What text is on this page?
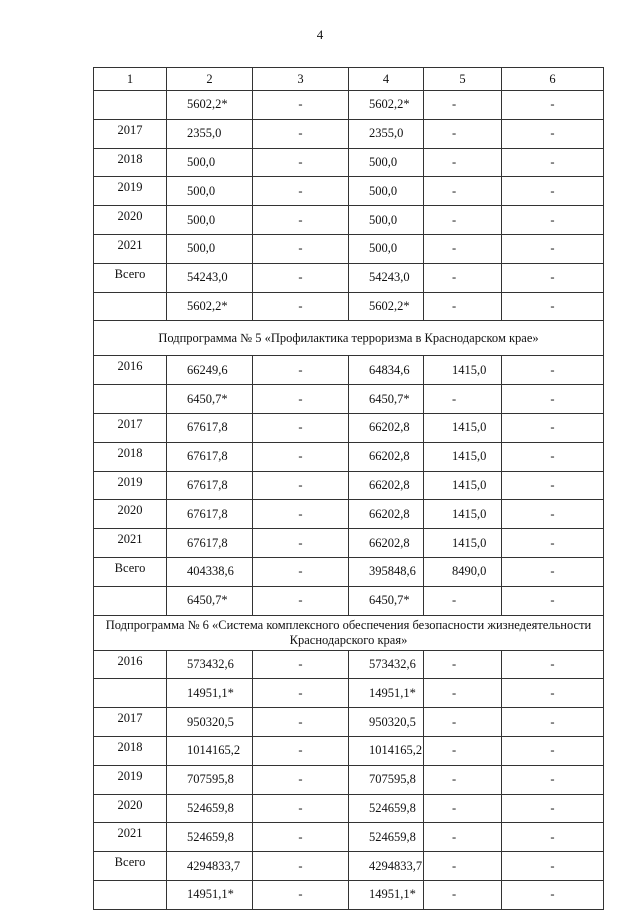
4
1	2	3	4	5	6
	5602,2*	-	5602,2*	-	-
2017	2355,0	-	2355,0	-	-
2018	500,0	-	500,0	-	-
2019	500,0	-	500,0	-	-
2020	500,0	-	500,0	-	-
2021	500,0	-	500,0	-	-
Всего	54243,0	-	54243,0	-	-
	5602,2*	-	5602,2*	-	-
Подпрограмма № 5 «Профилактика терроризма в Краснодарском крае»					
2016	66249,6	-	64834,6	1415,0	-
	6450,7*	-	6450,7*	-	-
2017	67617,8	-	66202,8	1415,0	-
2018	67617,8	-	66202,8	1415,0	-
2019	67617,8	-	66202,8	1415,0	-
2020	67617,8	-	66202,8	1415,0	-
2021	67617,8	-	66202,8	1415,0	-
Всего	404338,6	-	395848,6	8490,0	-
	6450,7*	-	6450,7*	-	-
Подпрограмма № 6 «Система комплексного обеспечения безопасности жизнедеятельности Краснодарского края»					
2016	573432,6	-	573432,6	-	-
	14951,1*	-	14951,1*	-	-
2017	950320,5	-	950320,5	-	-
2018	1014165,2	-	1014165,2	-	-
2019	707595,8	-	707595,8	-	-
2020	524659,8	-	524659,8	-	-
2021	524659,8	-	524659,8	-	-
Всего	4294833,7	-	4294833,7	-	-
	14951,1*	-	14951,1*	-	-
